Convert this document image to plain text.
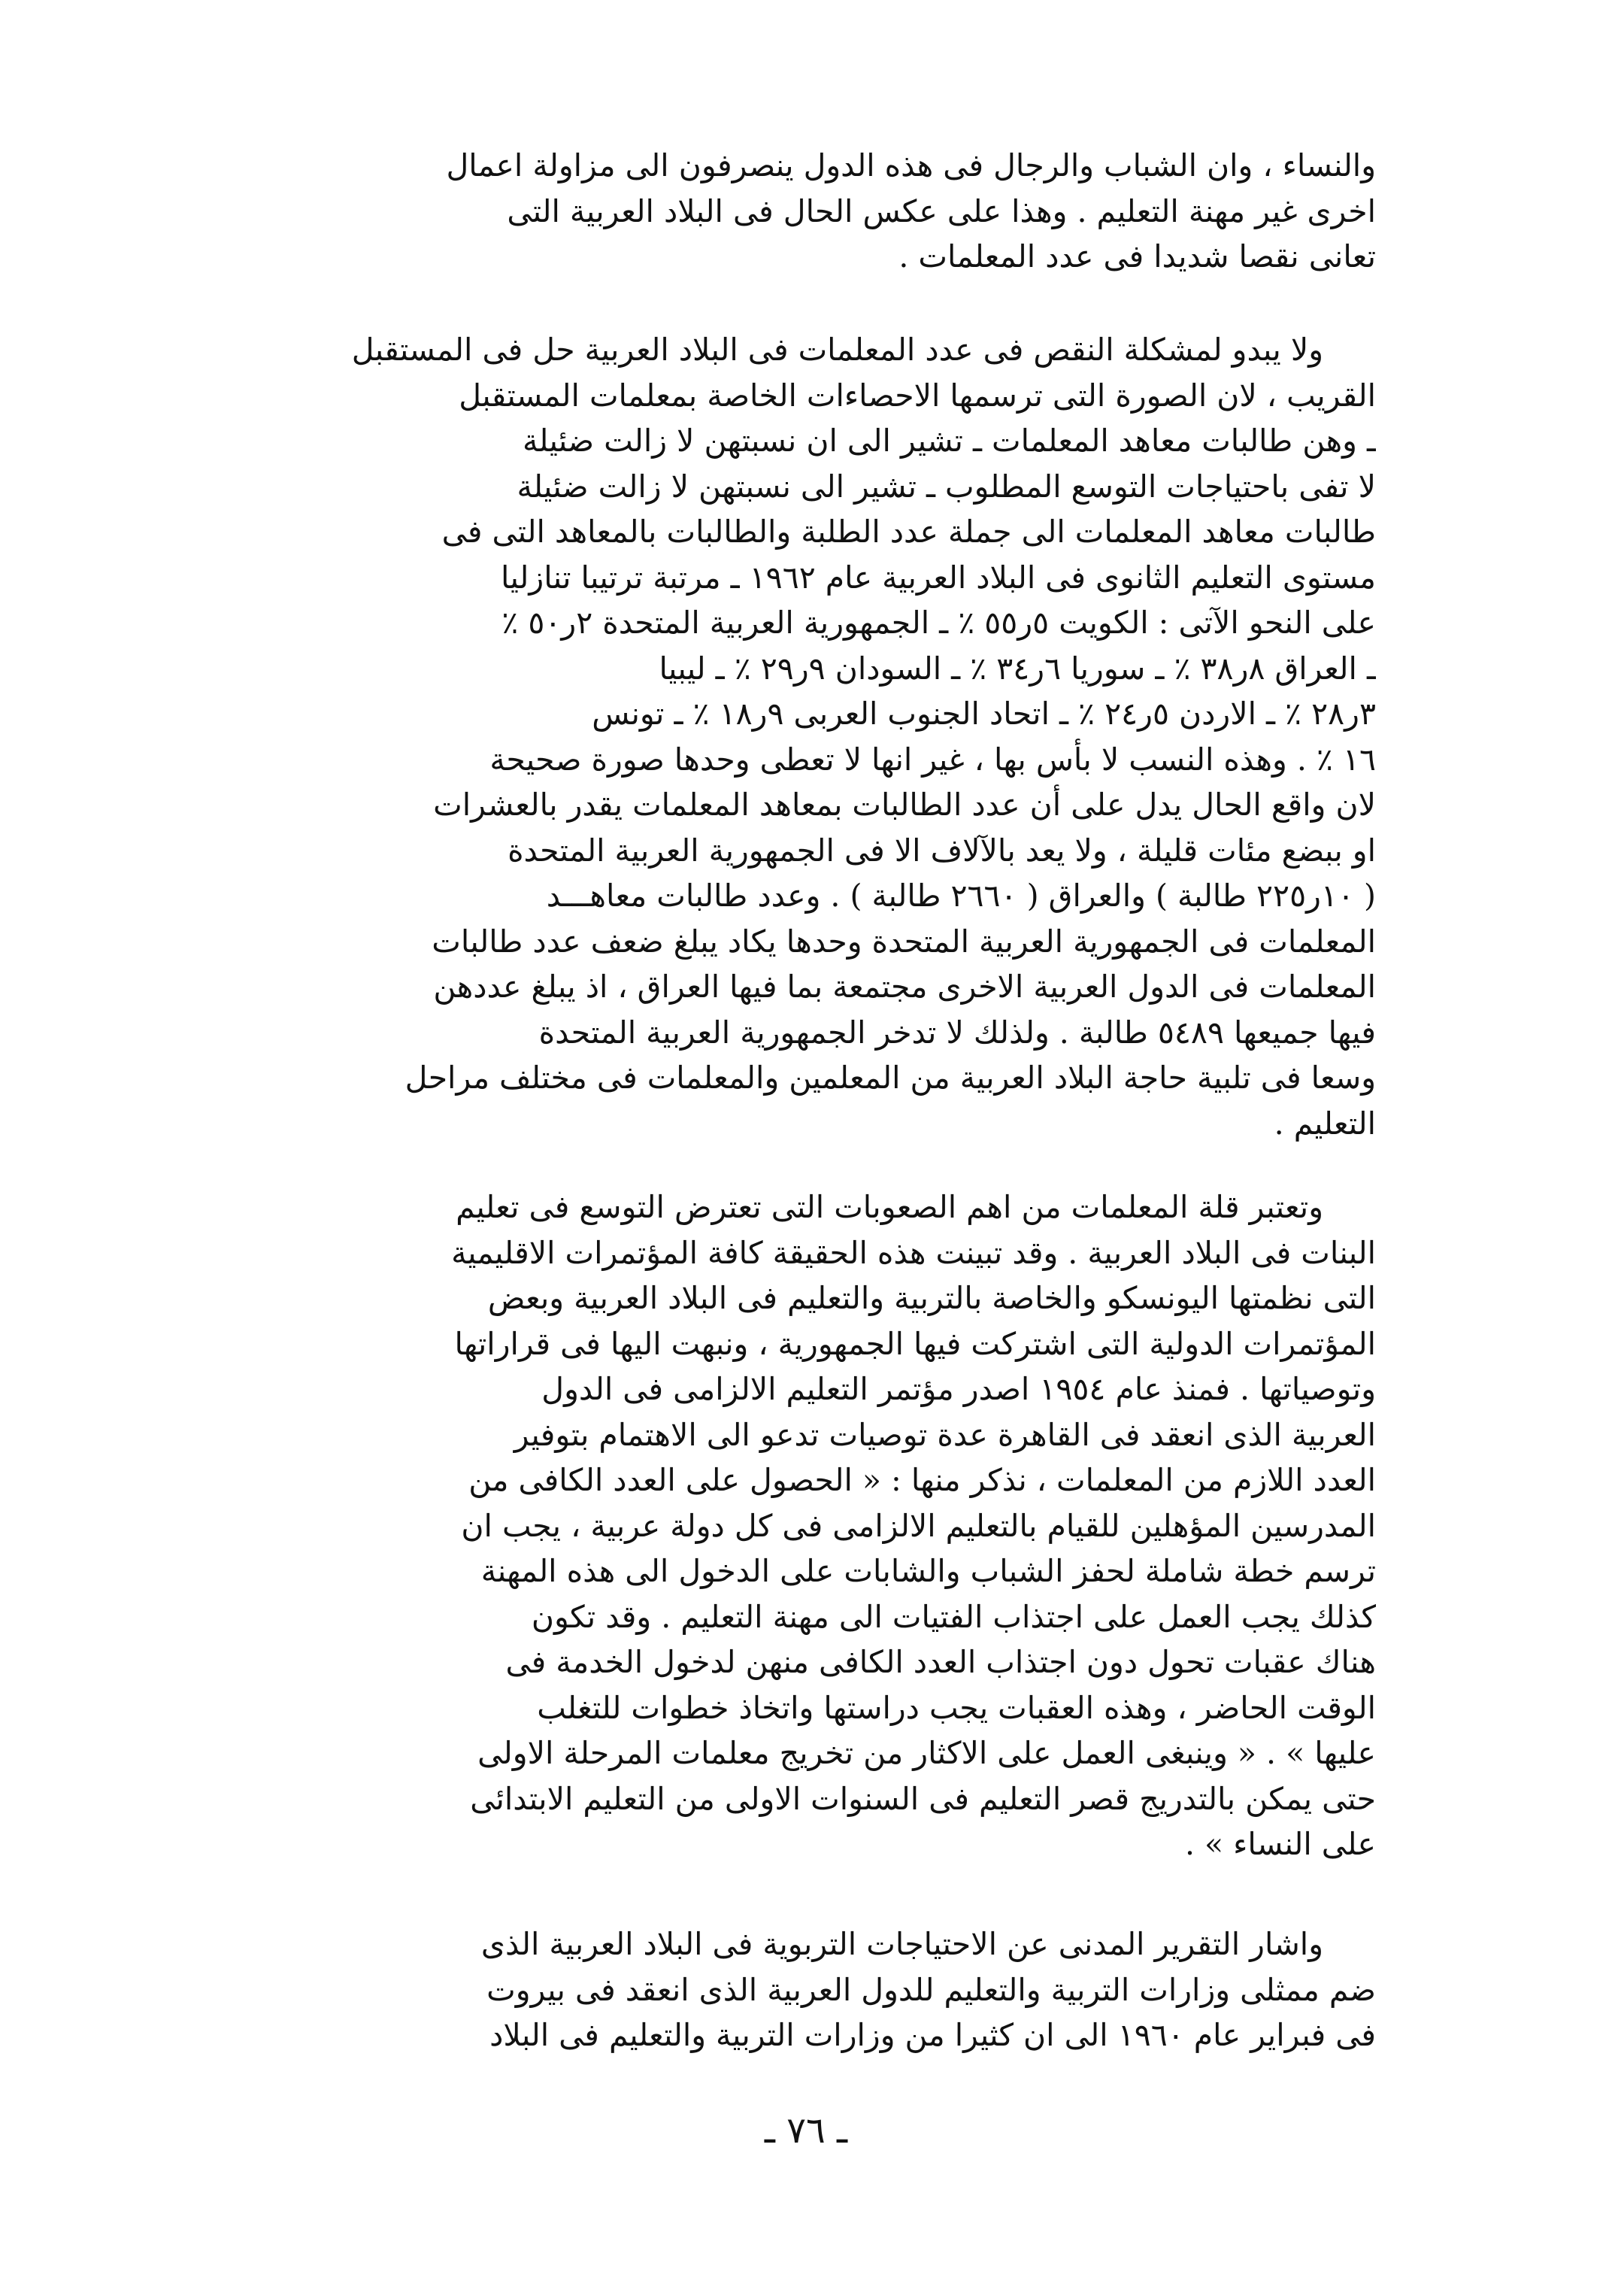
والنساء ، وان الشباب والرجال فى هذه الدول ينصرفون الى مزاولة اعمال
اخرى غير مهنة التعليم . وهذا على عكس الحال فى البلاد العربية التى
تعانى نقصا شديدا فى عدد المعلمات .
ولا يبدو لمشكلة النقص فى عدد المعلمات فى البلاد العربية حل فى المستقبل
القريب ، لان الصورة التى ترسمها الاحصاءات الخاصة بمعلمات المستقبل
ـ وهن طالبات معاهد المعلمات ـ تشير الى ان نسبتهن لا زالت ضئيلة
لا تفى باحتياجات التوسع المطلوب ـ تشير الى نسبتهن لا زالت ضئيلة
طالبات معاهد المعلمات الى جملة عدد الطلبة والطالبات بالمعاهد التى فى
مستوى التعليم الثانوى فى البلاد العربية عام ١٩٦٢ ـ مرتبة ترتيبا تنازليا
على النحو الآتى : الكويت ٥ر٥٥ ٪ ـ الجمهورية العربية المتحدة ٢ر٥٠ ٪
ـ العراق ٨ر٣٨ ٪ ـ سوريا ٦ر٣٤ ٪ ـ السودان ٩ر٢٩ ٪ ـ ليبيا
٣ر٢٨ ٪ ـ الاردن ٥ر٢٤ ٪ ـ اتحاد الجنوب العربى ٩ر١٨ ٪ ـ تونس
١٦ ٪ . وهذه النسب لا بأس بها ، غير انها لا تعطى وحدها صورة صحيحة
لان واقع الحال يدل على أن عدد الطالبات بمعاهد المعلمات يقدر بالعشرات
او ببضع مئات قليلة ، ولا يعد بالآلاف الا فى الجمهورية العربية المتحدة
( ١٠ر٢٢٥ طالبة ) والعراق ( ٢٦٦٠ طالبة ) . وعدد طالبات معاهـــد
المعلمات فى الجمهورية العربية المتحدة وحدها يكاد يبلغ ضعف عدد طالبات
المعلمات فى الدول العربية الاخرى مجتمعة بما فيها العراق ، اذ يبلغ عددهن
فيها جميعها ٥٤٨٩ طالبة . ولذلك لا تدخر الجمهورية العربية المتحدة
وسعا فى تلبية حاجة البلاد العربية من المعلمين والمعلمات فى مختلف مراحل
التعليم .
وتعتبر قلة المعلمات من اهم الصعوبات التى تعترض التوسع فى تعليم
البنات فى البلاد العربية . وقد تبينت هذه الحقيقة كافة المؤتمرات الاقليمية
التى نظمتها اليونسكو والخاصة بالتربية والتعليم فى البلاد العربية وبعض
المؤتمرات الدولية التى اشتركت فيها الجمهورية ، ونبهت اليها فى قراراتها
وتوصياتها . فمنذ عام ١٩٥٤ اصدر مؤتمر التعليم الالزامى فى الدول
العربية الذى انعقد فى القاهرة عدة توصيات تدعو الى الاهتمام بتوفير
العدد اللازم من المعلمات ، نذكر منها : « الحصول على العدد الكافى من
المدرسين المؤهلين للقيام بالتعليم الالزامى فى كل دولة عربية ، يجب ان
ترسم خطة شاملة لحفز الشباب والشابات على الدخول الى هذه المهنة
كذلك يجب العمل على اجتذاب الفتيات الى مهنة التعليم . وقد تكون
هناك عقبات تحول دون اجتذاب العدد الكافى منهن لدخول الخدمة فى
الوقت الحاضر ، وهذه العقبات يجب دراستها واتخاذ خطوات للتغلب
عليها » . « وينبغى العمل على الاكثار من تخريج معلمات المرحلة الاولى
حتى يمكن بالتدريج قصر التعليم فى السنوات الاولى من التعليم الابتدائى
على النساء » .
واشار التقرير المدنى عن الاحتياجات التربوية فى البلاد العربية الذى
ضم ممثلى وزارات التربية والتعليم للدول العربية الذى انعقد فى بيروت
فى فبراير عام ١٩٦٠ الى ان كثيرا من وزارات التربية والتعليم فى البلاد
ـ ٧٦ ـ
